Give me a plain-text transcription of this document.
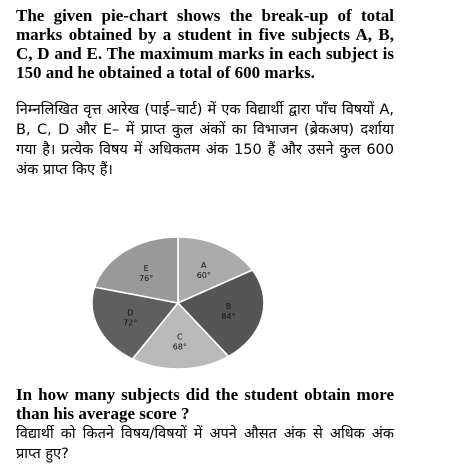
The given pie-chart shows the break-up of total marks obtained by a student in five subjects A, B, C, D and E. The maximum marks in each subject is 150 and he obtained a total of 600 marks.

निम्नलिखित वृत्त आरेख (पाई–चार्ट) में एक विद्यार्थी द्वारा पाँच विषयों A, B, C, D और E– में प्राप्त कुल अंकों का विभाजन (ब्रेकअप) दर्शाया गया है। प्रत्येक विषय में अधिकतम अंक 150 हैं और उसने कुल 600 अंक प्राप्त किए हैं।

A
60°
B
84°
C
68°
D
72°
E
76°

In how many subjects did the student obtain more than his average score ?

विद्यार्थी को कितने विषय/विषयों में अपने औसत अंक से अधिक अंक प्राप्त हुए?
